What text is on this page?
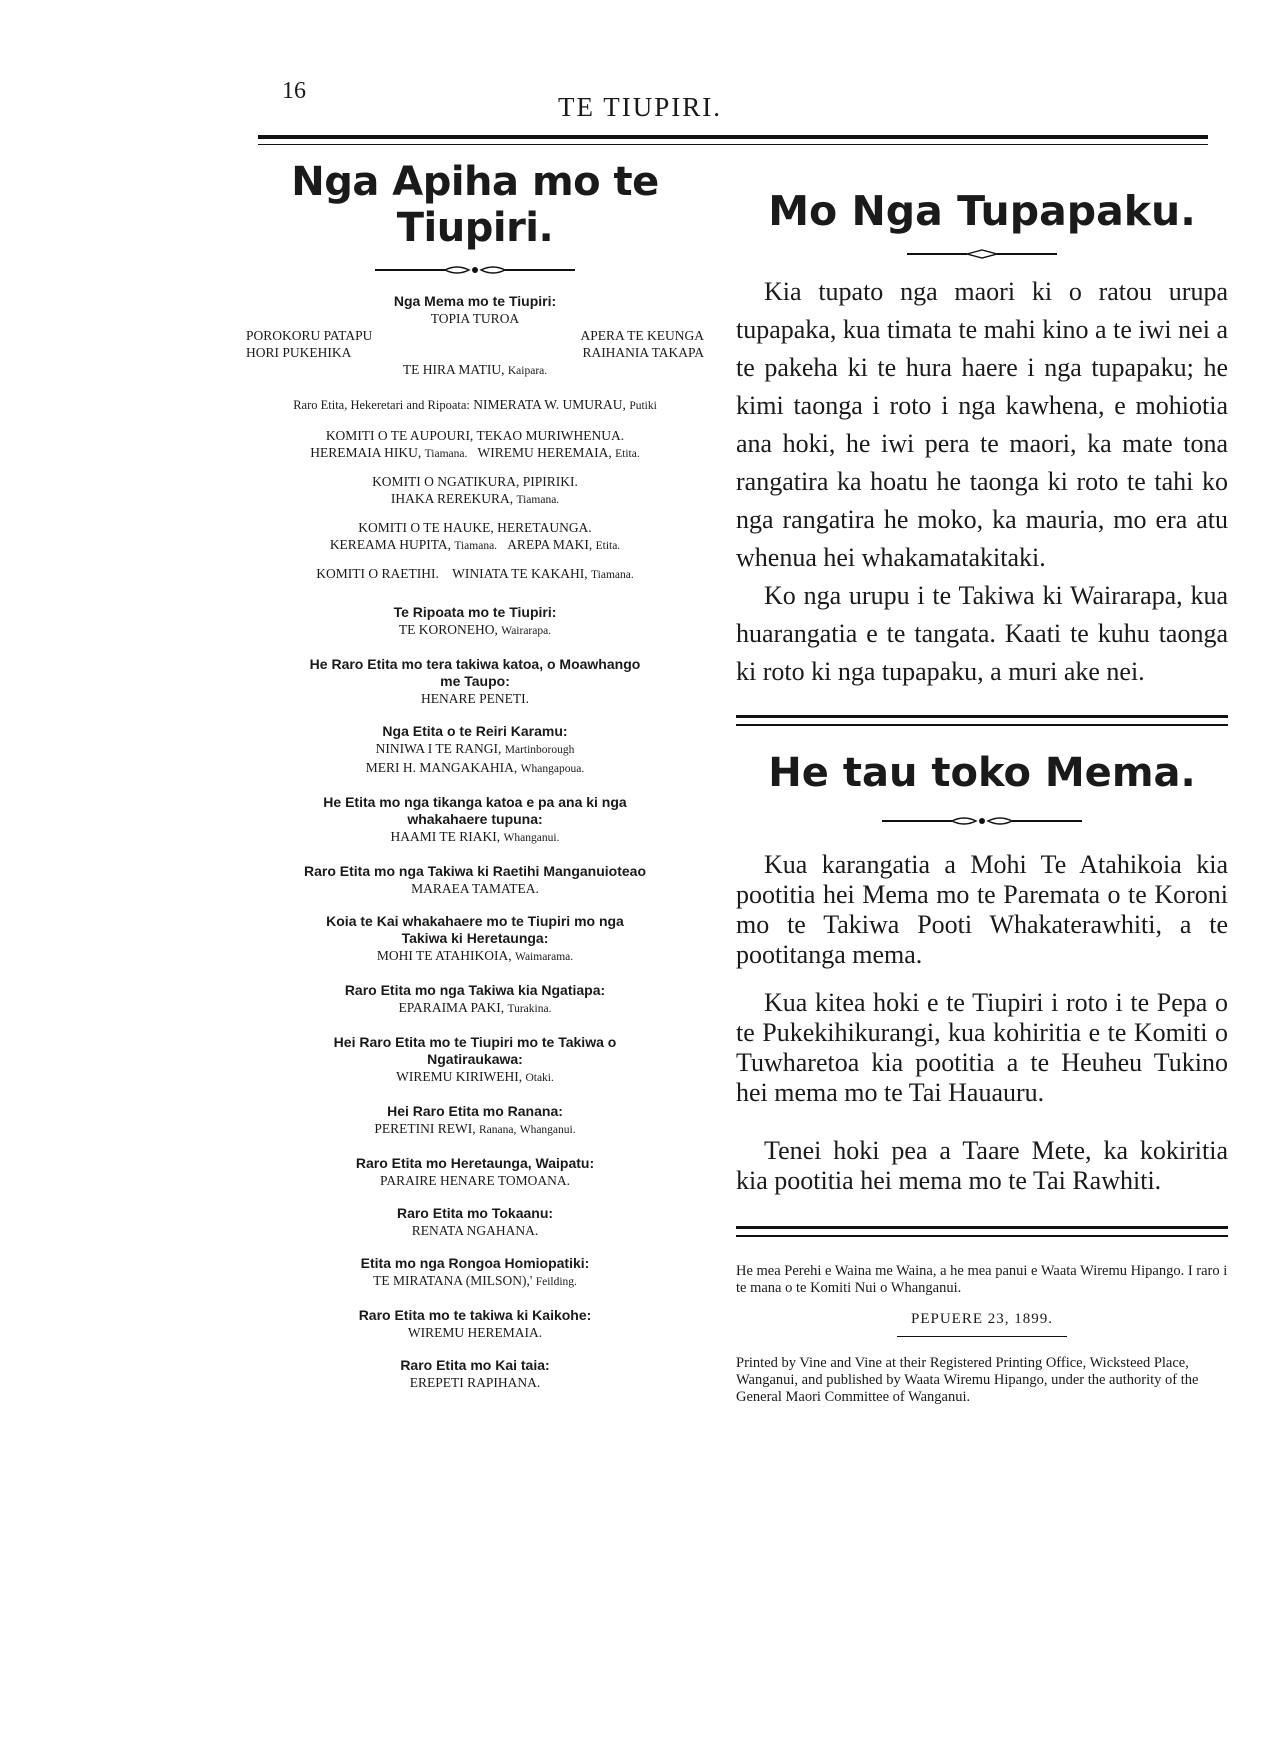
16
TE TIUPIRI.
Nga Apiha mo te Tiupiri.
Nga Mema mo te Tiupiri:
TOPIA TUROA
POROKORU PATAPU	APERA TE KEUNGA
HORI PUKEHIKA	RAIHANIA TAKAPA
TE HIRA MATIU, Kaipara.
Raro Etita, Hekeretari and Ripoata: NIMERATA W. UMURAU, Putiki
KOMITI O TE AUPOURI, TEKAO MURIWHENUA.
HEREMAIA HIKU, Tiamana. WIREMU HEREMAIA, Etita.
KOMITI O NGATIKURA, PIPIRIKI.
IHAKA REREKURA, Tiamana.
KOMITI O TE HAUKE, HERETAUNGA.
KEREAMA HUPITA, Tiamana. AREPA MAKI, Etita.
KOMITI O RAETIHI. WINIATA TE KAKAHI, Tiamana.
Te Ripoata mo te Tiupiri:
TE KORONEHO, Wairarapa.
He Raro Etita mo tera takiwa katoa, o Moawhango
me Taupo:
HENARE PENETI.
Nga Etita o te Reiri Karamu:
NINIWA I TE RANGI, Martinborough
MERI H. MANGAKAHIA, Whangapoua.
He Etita mo nga tikanga katoa e pa ana ki nga
whakahaere tupuna:
HAAMI TE RIAKI, Whanganui.
Raro Etita mo nga Takiwa ki Raetihi Manganuioteao
MARAEA TAMATEA.
Koia te Kai whakahaere mo te Tiupiri mo nga
Takiwa ki Heretaunga:
MOHI TE ATAHIKOIA, Waimarama.
Raro Etita mo nga Takiwa kia Ngatiapa:
EPARAIMA PAKI, Turakina.
Hei Raro Etita mo te Tiupiri mo te Takiwa o
Ngatiraukawa:
WIREMU KIRIWEHI, Otaki.
Hei Raro Etita mo Ranana:
PERETINI REWI, Ranana, Whanganui.
Raro Etita mo Heretaunga, Waipatu:
PARAIRE HENARE TOMOANA.
Raro Etita mo Tokaanu:
RENATA NGAHANA.
Etita mo nga Rongoa Homiopatiki:
TE MIRATANA (MILSON),' Feilding.
Raro Etita mo te takiwa ki Kaikohe:
WIREMU HEREMAIA.
Raro Etita mo Kai taia:
EREPETI RAPIHANA.
Mo Nga Tupapaku.

Kia tupato nga maori ki o ratou urupa tupapaka, kua timata te mahi kino a te iwi nei a te pakeha ki te hura haere i nga tupapaku; he kimi taonga i roto i nga kawhena, e mohiotia ana hoki, he iwi pera te maori, ka mate tona rangatira ka hoatu he taonga ki roto te tahi ko nga rangatira he moko, ka mauria, mo era atu whenua hei whakamatakitaki.

Ko nga urupu i te Takiwa ki Wairarapa, kua huarangatia e te tangata. Kaati te kuhu taonga ki roto ki nga tupapaku, a muri ake nei.

He tau toko Mema.

Kua karangatia a Mohi Te Atahikoia kia pootitia hei Mema mo te Paremata o te Koroni mo te Takiwa Pooti Whakaterawhiti, a te pootitanga mema.

Kua kitea hoki e te Tiupiri i roto i te Pepa o te Pukekihikurangi, kua kohiritia e te Komiti o Tuwharetoa kia pootitia a te Heuheu Tukino hei mema mo te Tai Hauauru.

Tenei hoki pea a Taare Mete, ka kokiritia kia pootitia hei mema mo te Tai Rawhiti.

He mea Perehi e Waina me Waina, a he mea panui e Waata Wiremu Hipango. I raro i te mana o te Komiti Nui o Whanganui.

PEPUERE 23, 1899.

Printed by Vine and Vine at their Registered Printing Office, Wicksteed Place, Wanganui, and published by Waata Wiremu Hipango, under the authority of the General Maori Committee of Wanganui.
